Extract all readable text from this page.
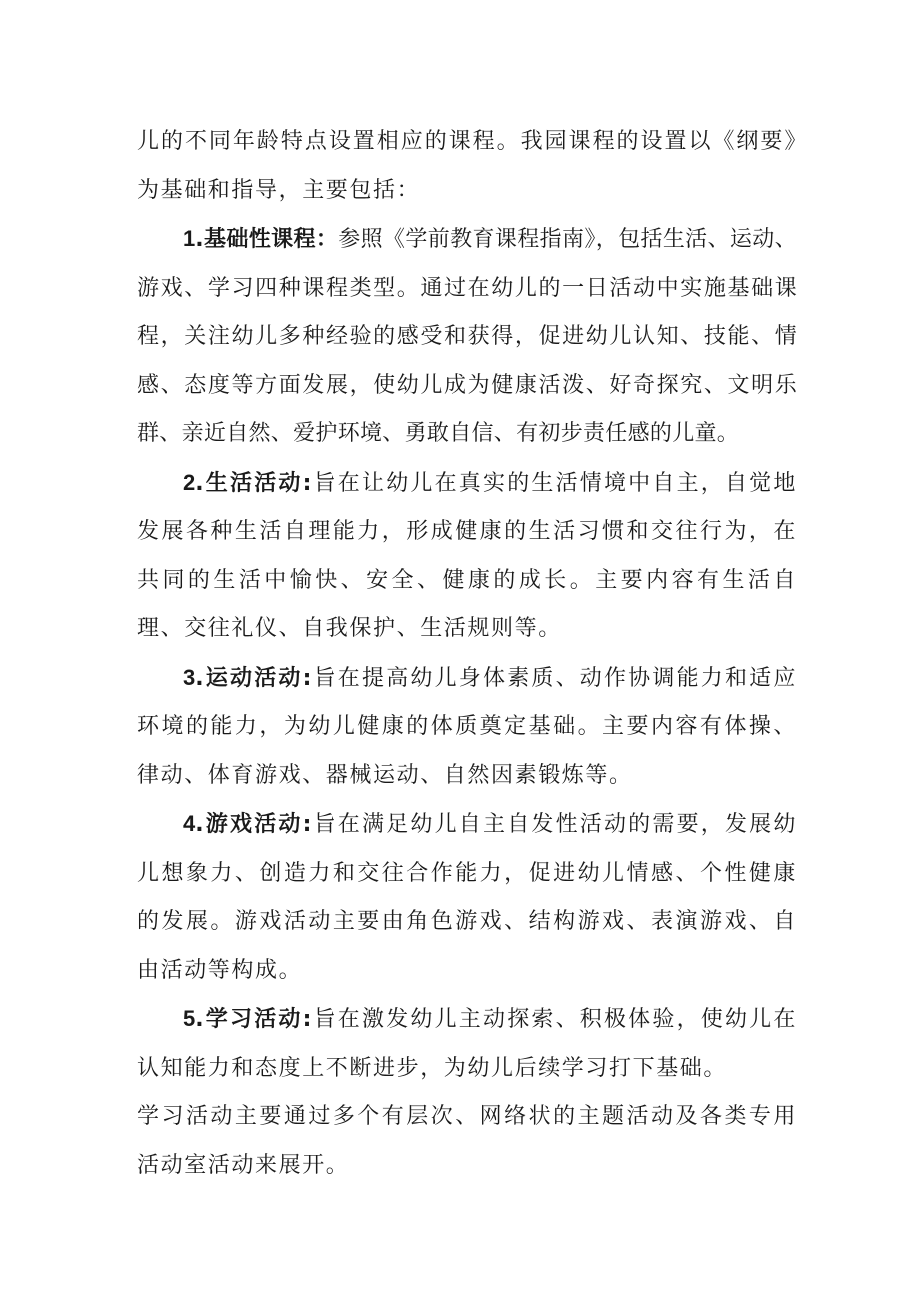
儿的不同年龄特点设置相应的课程。我园课程的设置以《纲要》为基础和指导，主要包括：

1.基础性课程：参照《学前教育课程指南》，包括生活、运动、游戏、学习四种课程类型。通过在幼儿的一日活动中实施基础课程，关注幼儿多种经验的感受和获得，促进幼儿认知、技能、情感、态度等方面发展，使幼儿成为健康活泼、好奇探究、文明乐群、亲近自然、爱护环境、勇敢自信、有初步责任感的儿童。

2.生活活动:旨在让幼儿在真实的生活情境中自主，自觉地发展各种生活自理能力，形成健康的生活习惯和交往行为，在共同的生活中愉快、安全、健康的成长。主要内容有生活自理、交往礼仪、自我保护、生活规则等。

3.运动活动:旨在提高幼儿身体素质、动作协调能力和适应环境的能力，为幼儿健康的体质奠定基础。主要内容有体操、律动、体育游戏、器械运动、自然因素锻炼等。

4.游戏活动:旨在满足幼儿自主自发性活动的需要，发展幼儿想象力、创造力和交往合作能力，促进幼儿情感、个性健康的发展。游戏活动主要由角色游戏、结构游戏、表演游戏、自由活动等构成。

5.学习活动:旨在激发幼儿主动探索、积极体验，使幼儿在认知能力和态度上不断进步，为幼儿后续学习打下基础。

学习活动主要通过多个有层次、网络状的主题活动及各类专用活动室活动来展开。
